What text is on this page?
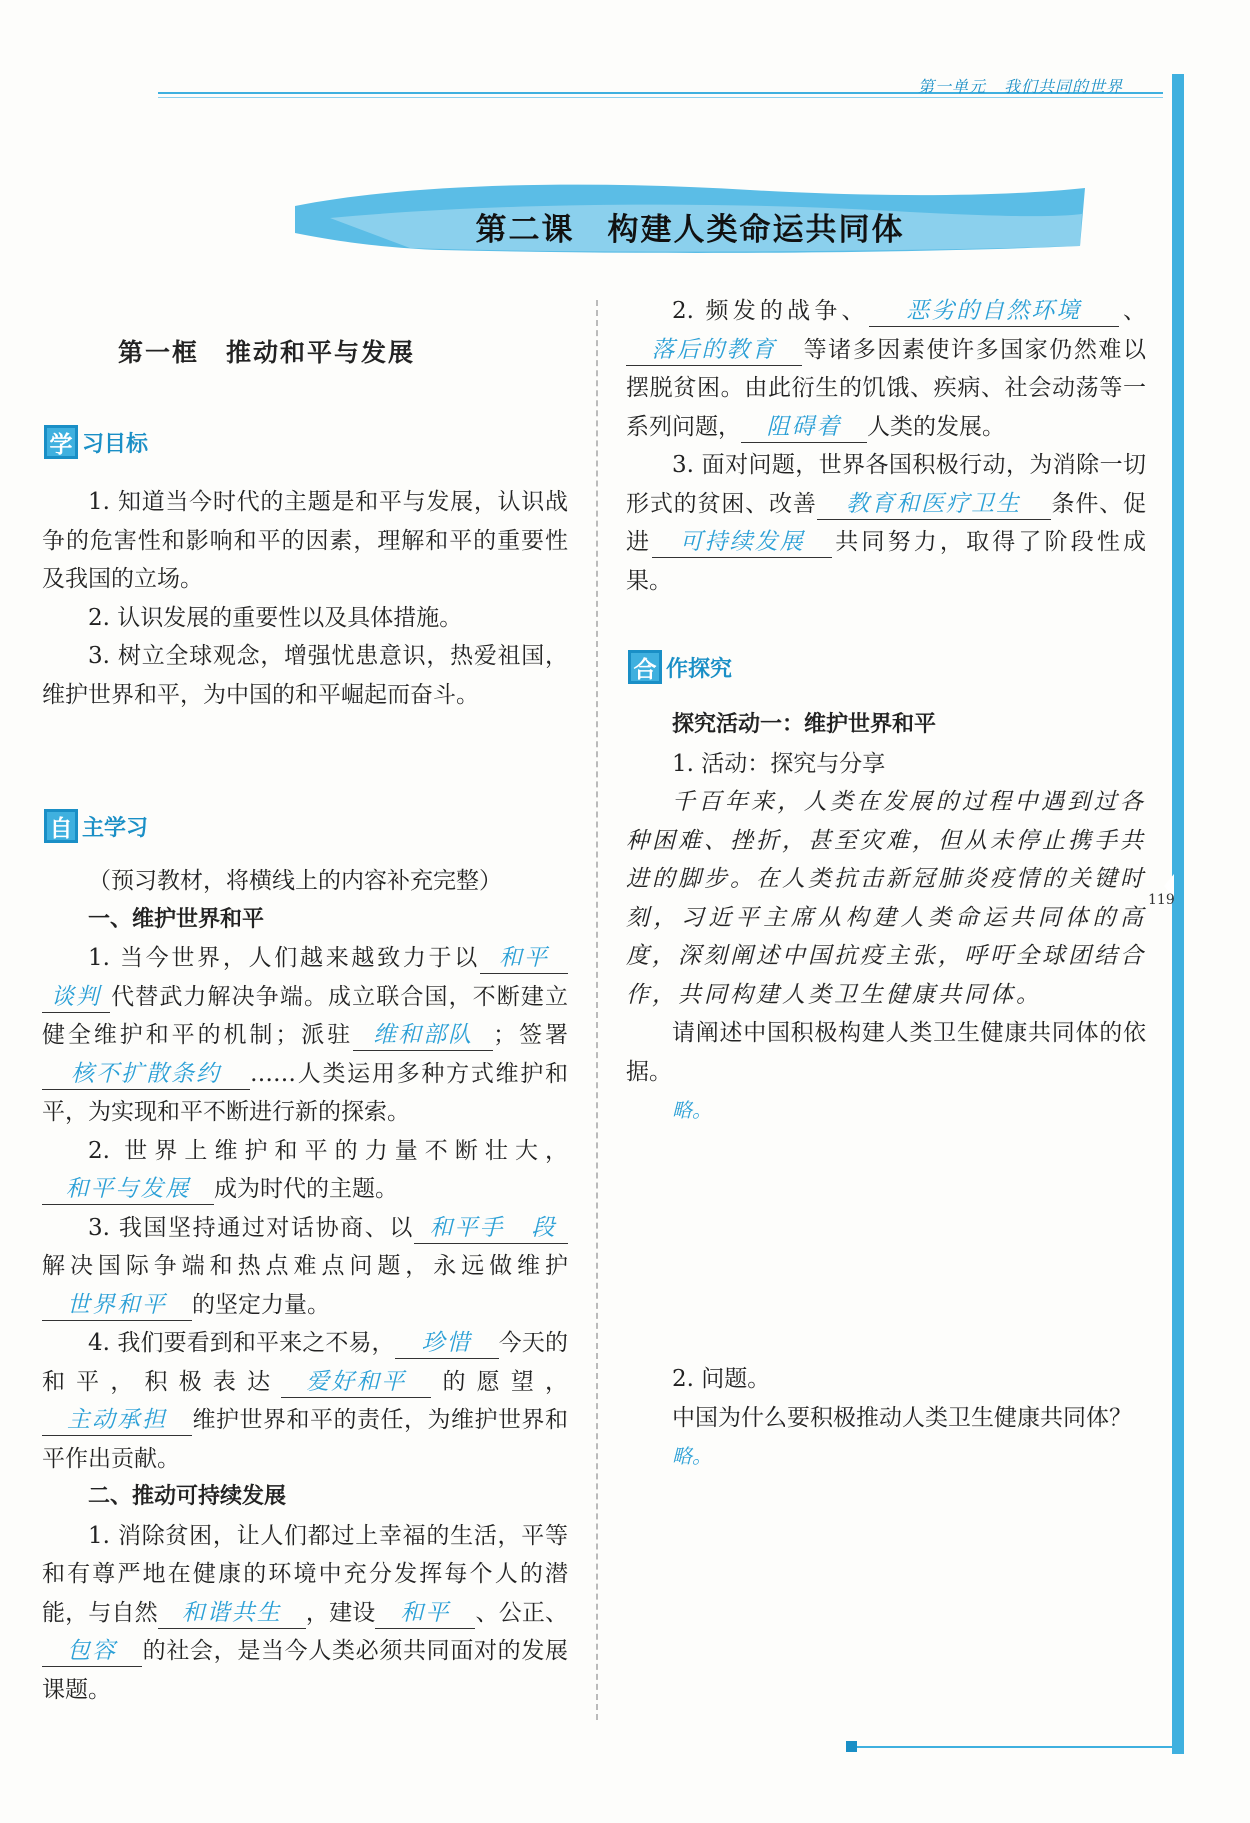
第一单元 我们共同的世界
119
第二课　构建人类命运共同体
第一框　推动和平与发展
学 习目标

1. 知道当今时代的主题是和平与发展，认识战争的危害性和影响和平的因素，理解和平的重要性及我国的立场。

2. 认识发展的重要性以及具体措施。

3. 树立全球观念，增强忧患意识，热爱祖国，维护世界和平，为中国的和平崛起而奋斗。

自 主学习

（预习教材，将横线上的内容补充完整）

一、维护世界和平

1. 当今世界，人们越来越致力于以 和平谈判 代替武力解决争端。成立联合国，不断建立健全维护和平的机制；派驻 维和部队 ；签署核不扩散条约 ……人类运用多种方式维护和平，为实现和平不断进行新的探索。

2. 世界上维护和平的力量不断壮大，和平与发展 成为时代的主题。

3. 我国坚持通过对话协商、以 和平手 段解决国际争端和热点难点问题，永远做维护世界和平 的坚定力量。

4. 我们要看到和平来之不易， 珍惜 今天的和平，积极表达 爱好和平 的愿望，主动承担 维护世界和平的责任，为维护世界和平作出贡献。

二、推动可持续发展

1. 消除贫困，让人们都过上幸福的生活，平等和有尊严地在健康的环境中充分发挥每个人的潜能，与自然 和谐共生 ，建设 和平 、公正、包容 的社会，是当今人类必须共同面对的发展课题。

2. 频发的战争、 恶劣的自然环境 、落后的教育 等诸多因素使许多国家仍然难以摆脱贫困。由此衍生的饥饿、疾病、社会动荡等一系列问题， 阻碍着 人类的发展。

3. 面对问题，世界各国积极行动，为消除一切形式的贫困、改善 教育和医疗卫生 条件、促进 可持续发展 共同努力，取得了阶段性成果。

合 作探究

探究活动一：维护世界和平

1. 活动：探究与分享

千百年来，人类在发展的过程中遇到过各种困难、挫折，甚至灾难，但从未停止携手共进的脚步。在人类抗击新冠肺炎疫情的关键时刻，习近平主席从构建人类命运共同体的高度，深刻阐述中国抗疫主张，呼吁全球团结合作，共同构建人类卫生健康共同体。

请阐述中国积极构建人类卫生健康共同体的依据。

略。

2. 问题。

中国为什么要积极推动人类卫生健康共同体？

略。
